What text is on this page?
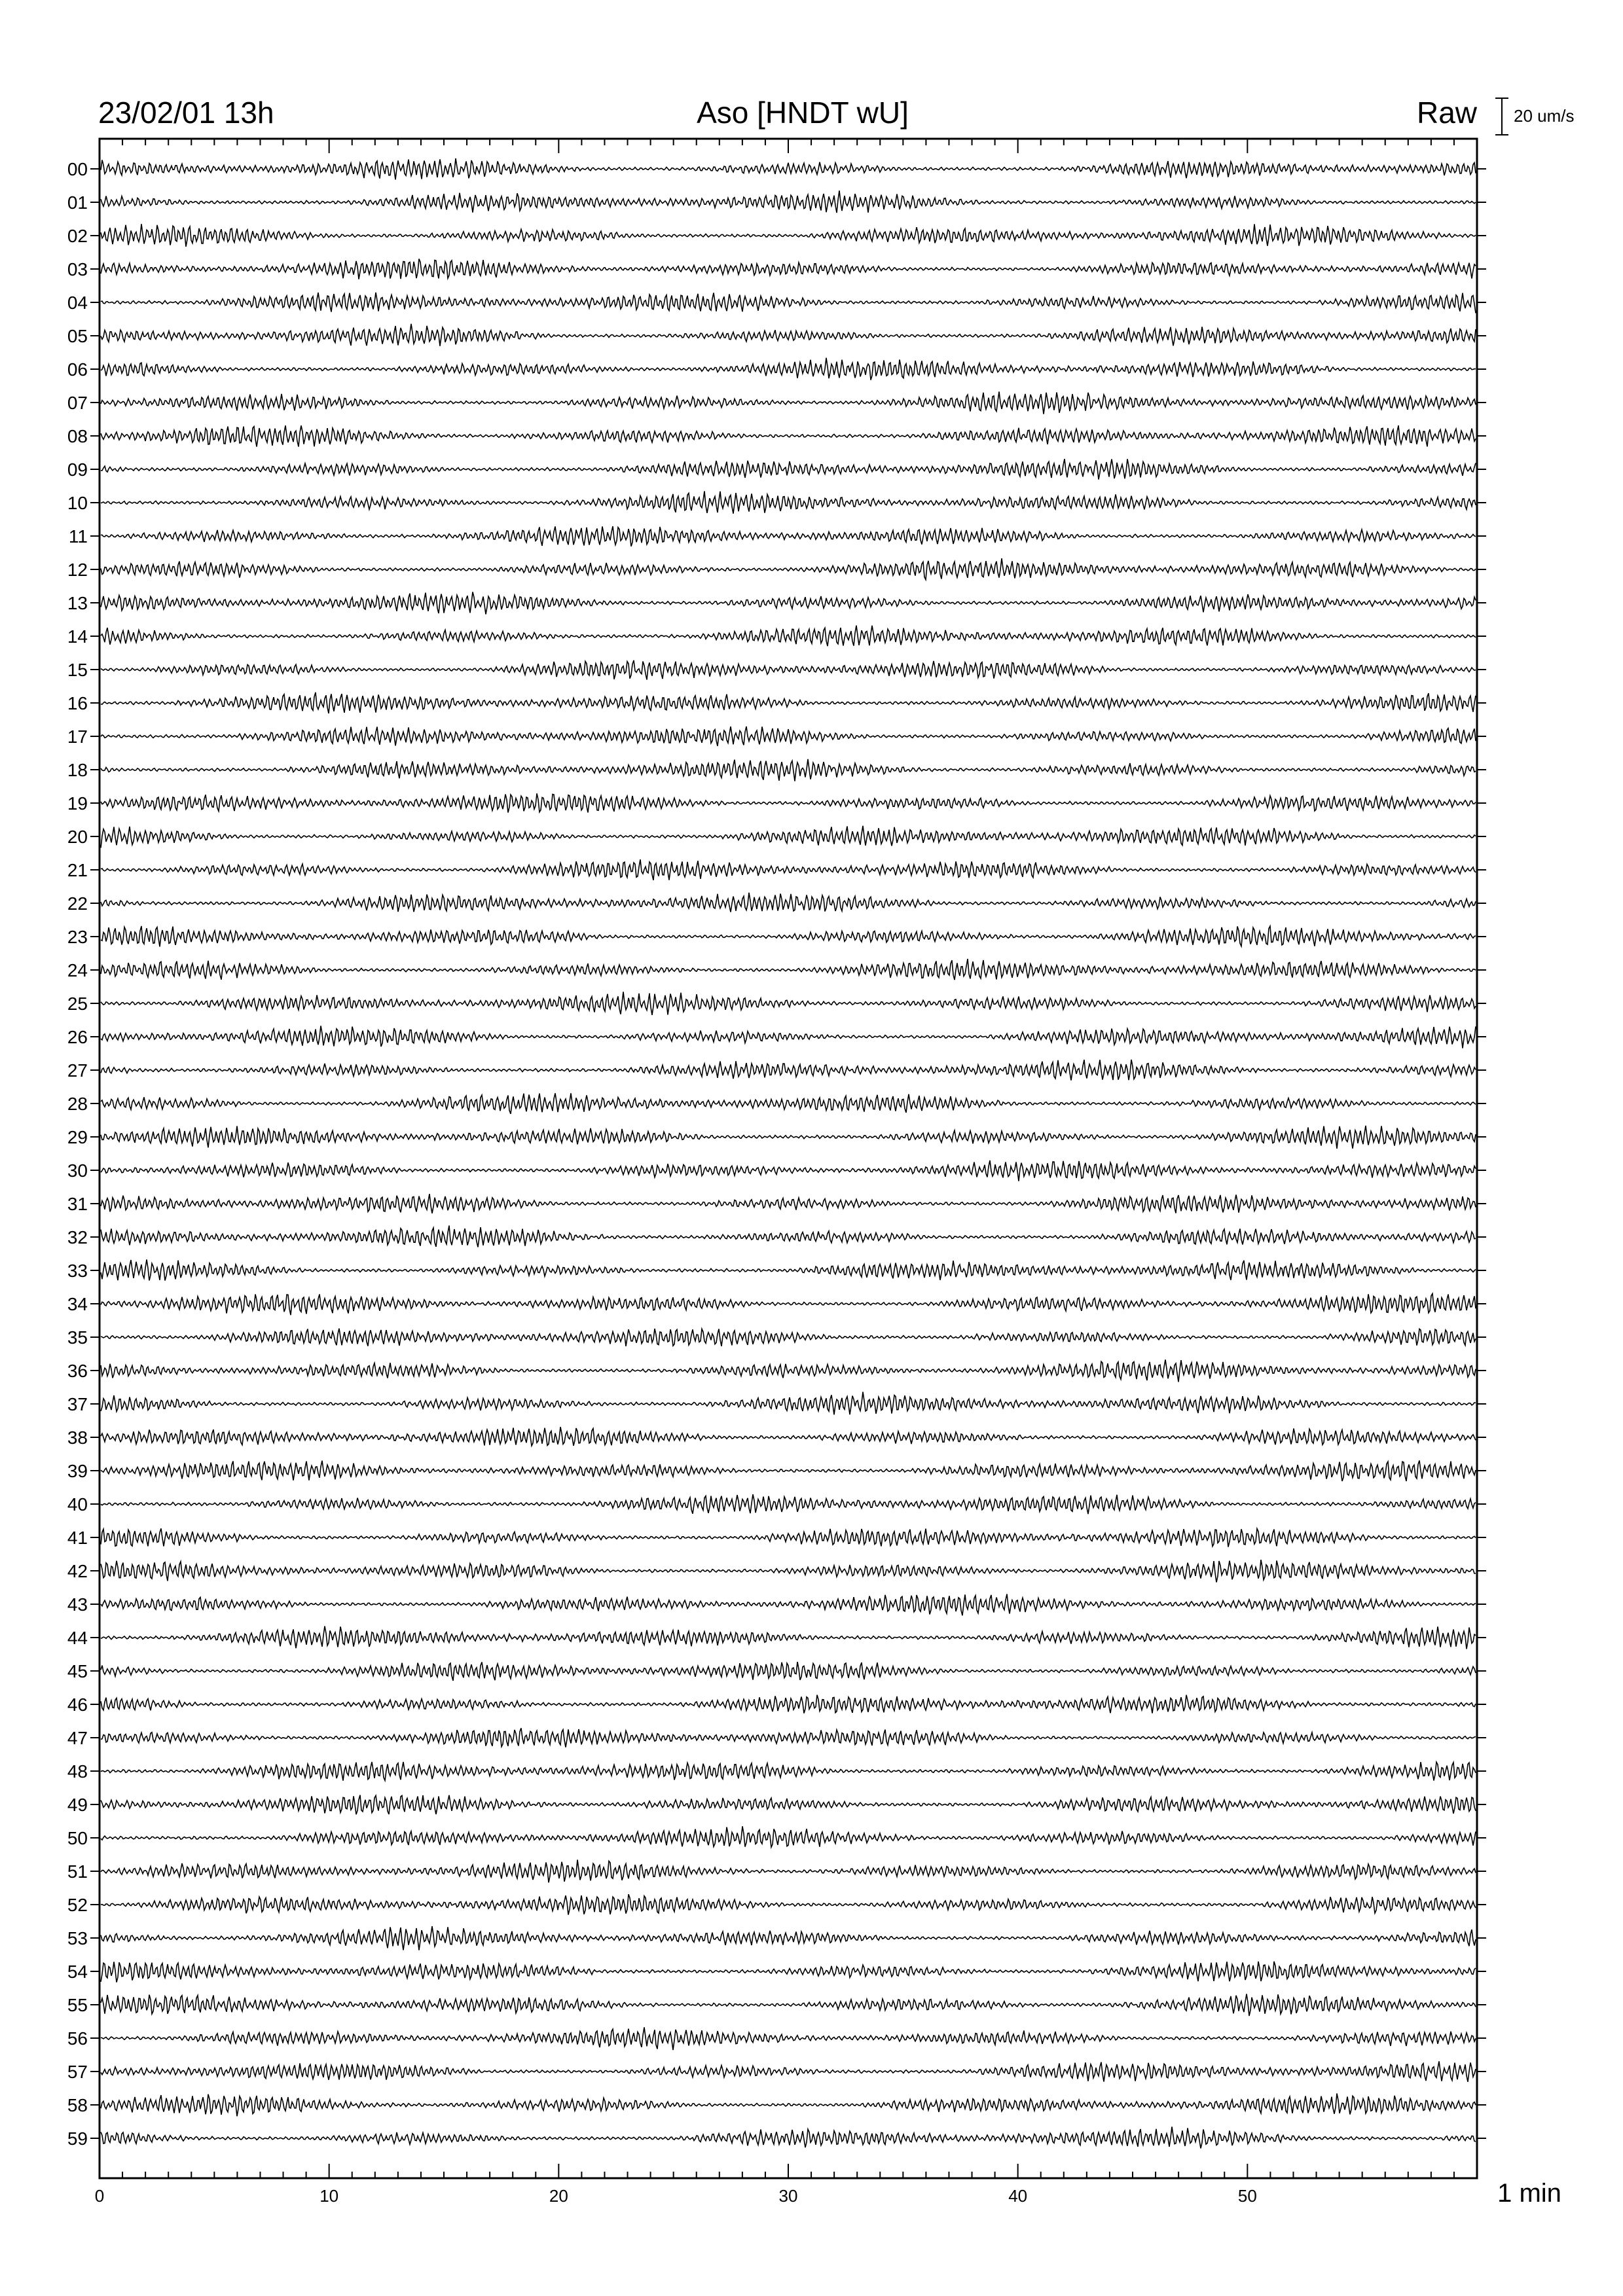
23/02/01 13h	Aso [HNDT wU]	Raw 20 um/s
0	10	20	30	40	50
00
01
02
03
04
05
06
07
08
09
10
11
12
13
14
15
16
17
18
19
20
21
22
23
24
25
26
27
28
29
30
31
32
33
34
35
36
37
38
39
40
41
42
43
44
45
46
47
48
49
50
51
52
53
54
55
56
57
58
59
1 min
